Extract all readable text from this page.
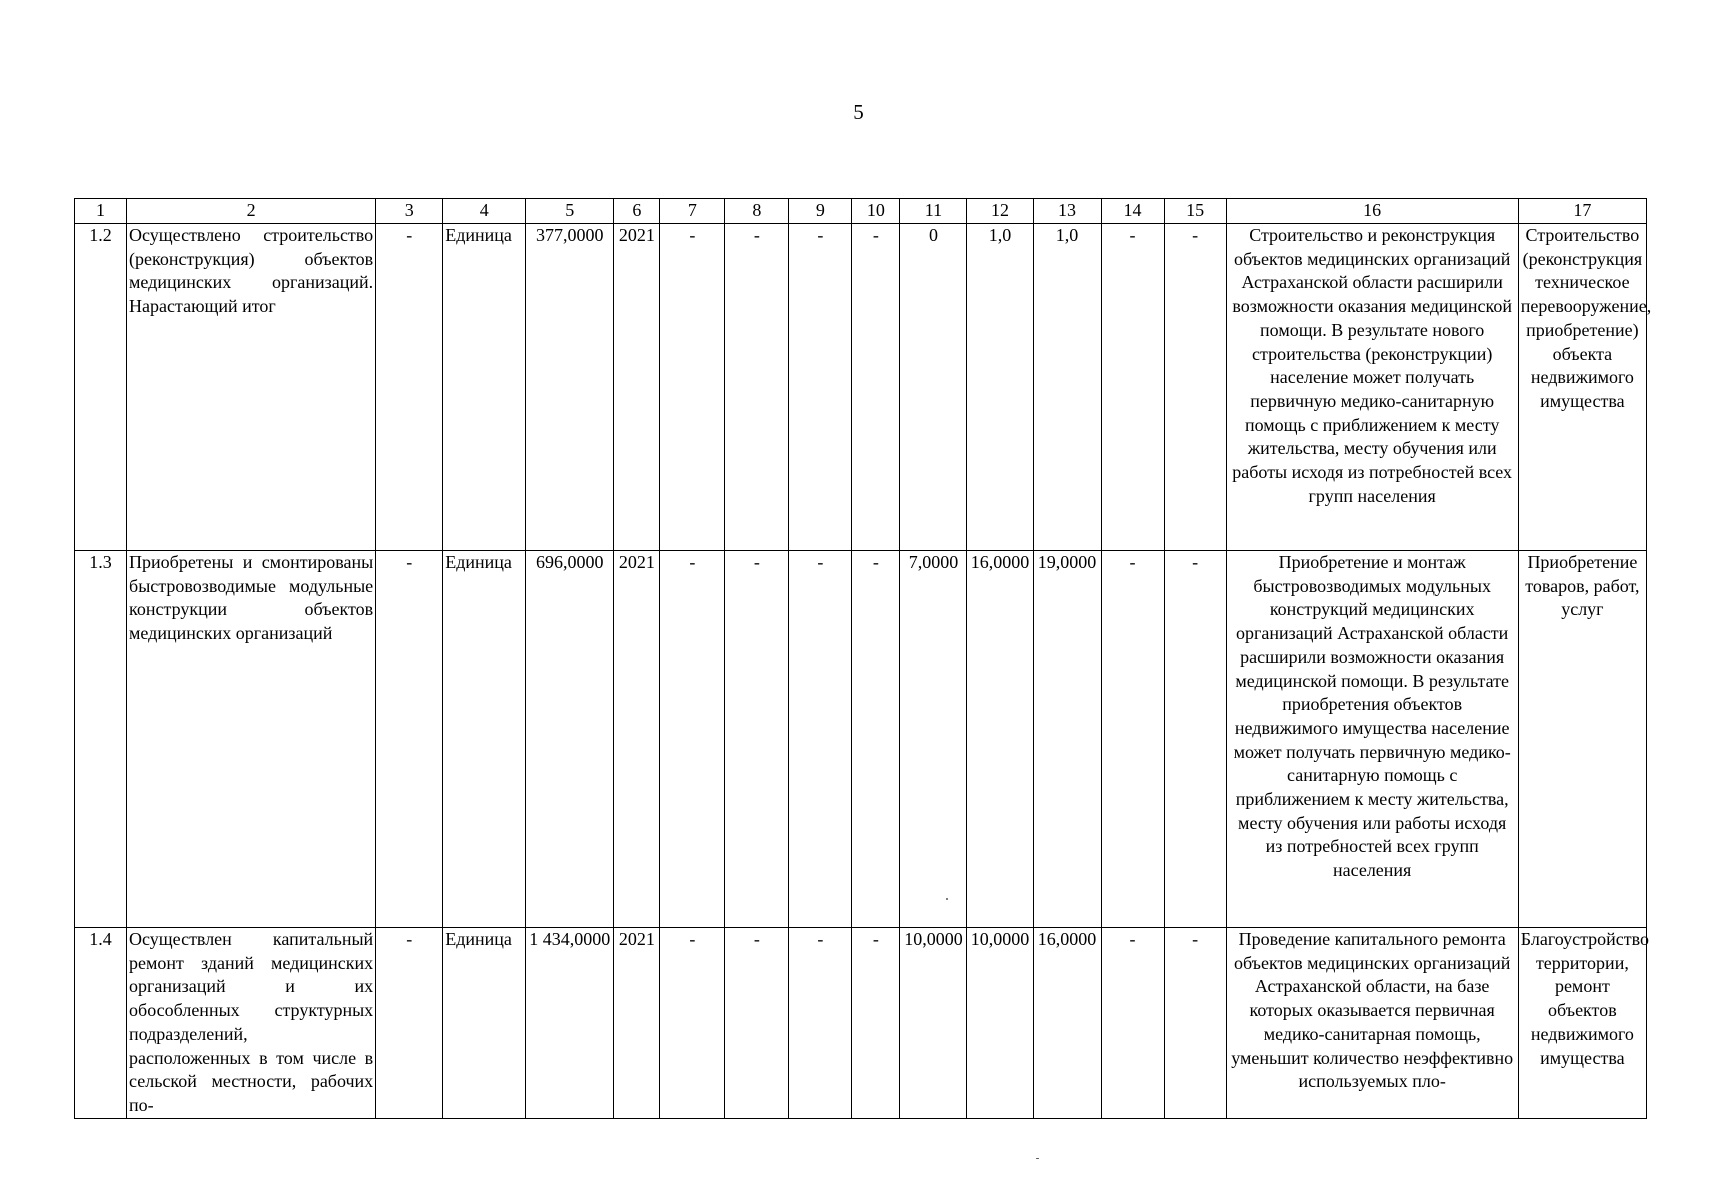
5
1	2	3	4	5	6	7	8	9	10	11	12	13	14	15	16	17
1.2	Осуществлено строительство (реконструкция) объектов медицинских организаций. Нарастающий итог	-	Единица	377,0000	2021	-	-	-	-	0	1,0	1,0	-	-	Строительство и реконструкция объектов медицинских организаций Астраханской области расширили возможности оказания медицинской помощи. В результате нового строительства (реконструкции) население может получать первичную медико-санитарную помощь с приближением к месту жительства, месту обучения или работы исходя из потребностей всех групп населения	Строительство (реконструкция техническое перевооружение, приобретение) объекта недвижимого имущества
1.3	Приобретены и смонтированы быстровозводимые модульные конструкции объектов медицинских организаций	-	Единица	696,0000	2021	-	-	-	-	7,0000	16,0000	19,0000	-	-	Приобретение и монтаж быстровозводимых модульных конструкций медицинских организаций Астраханской области расширили возможности оказания медицинской помощи. В результате приобретения объектов недвижимого имущества население может получать первичную медико-санитарную помощь с приближением к месту жительства, месту обучения или работы исходя из потребностей всех групп населения	Приобретение товаров, работ, услуг
1.4	Осуществлен капитальный ремонт зданий медицинских организаций и их обособленных структурных подразделений, расположенных в том числе в сельской местности, рабочих по-	-	Единица	1 434,0000	2021	-	-	-	-	10,0000	10,0000	16,0000	-	-	Проведение капитального ремонта объектов медицинских организаций Астраханской области, на базе которых оказывается первичная медико-санитарная помощь, уменьшит количество неэффективно используемых пло-	Благоустройство территории, ремонт объектов недвижимого имущества
